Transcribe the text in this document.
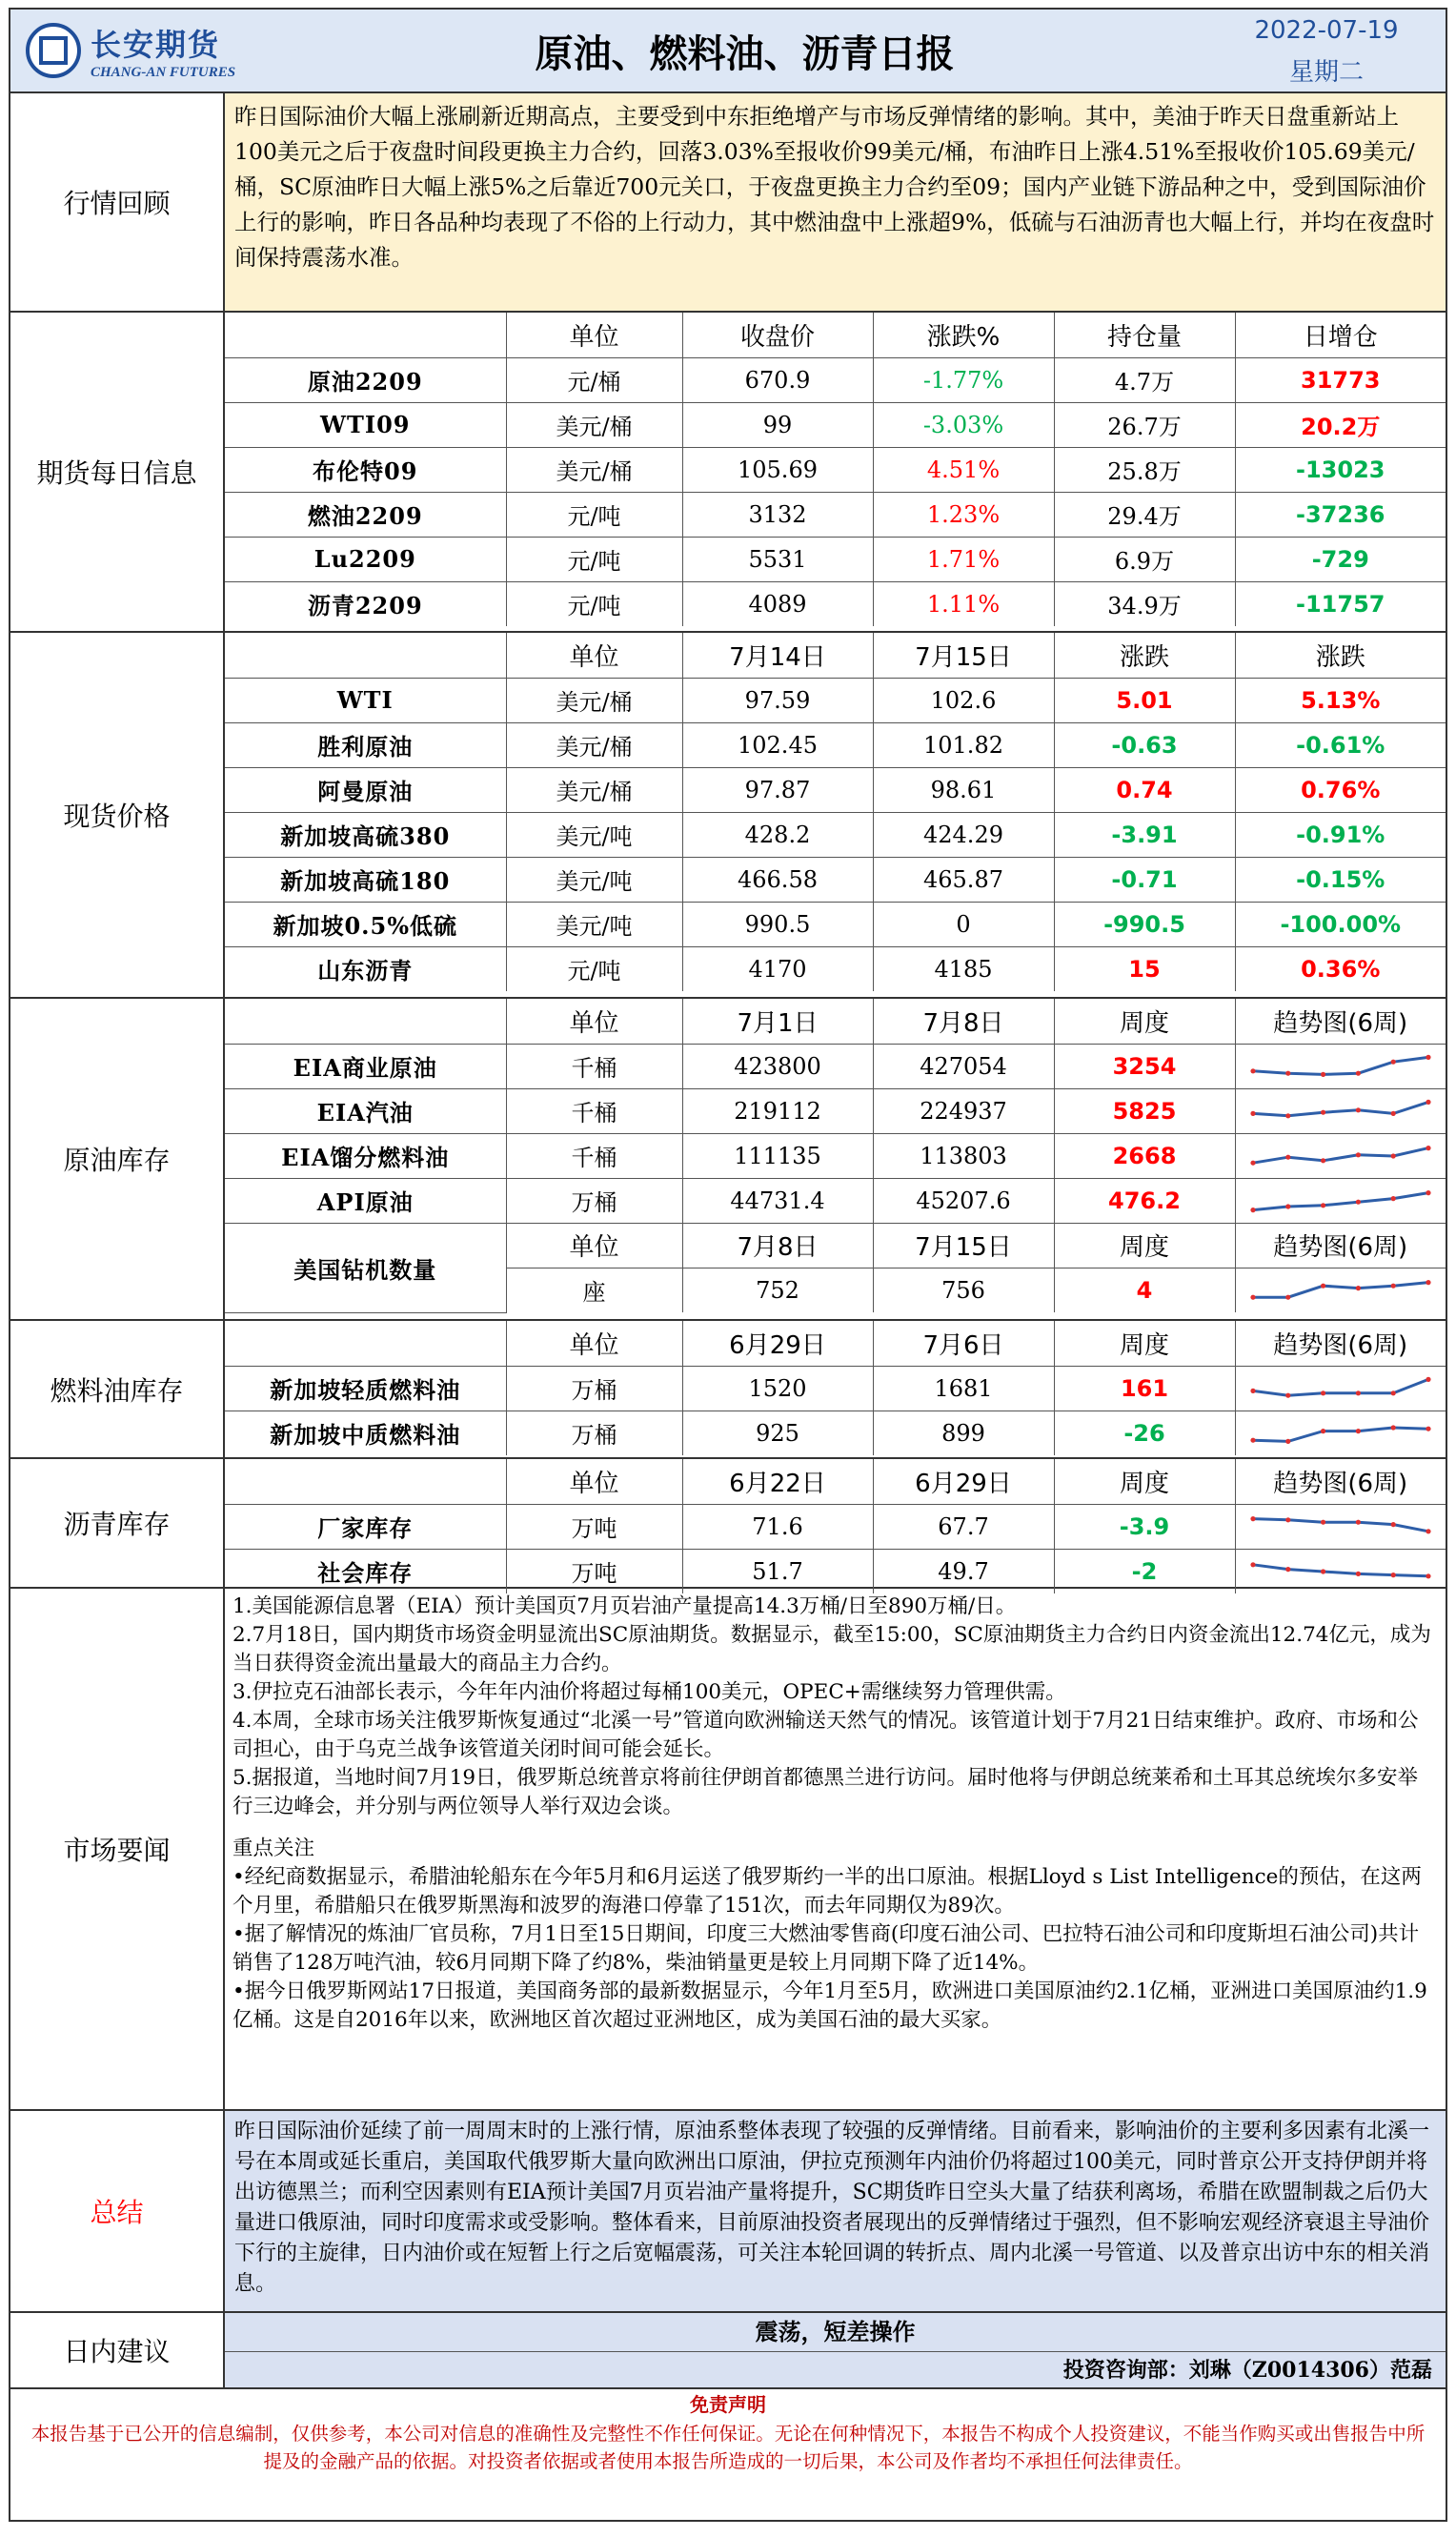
长安期货
CHANG-AN FUTURES	原油、燃料油、沥青日报
2022-07-19
星期二
行情回顾
昨日国际油价大幅上涨刷新近期高点，主要受到中东拒绝增产与市场反弹情绪的影响。其中，美油于昨天日盘重新站上100美元之后于夜盘时间段更换主力合约，回落3.03%至报收价99美元/桶，布油昨日上涨4.51%至报收价105.69美元/桶，SC原油昨日大幅上涨5%之后靠近700元关口，于夜盘更换主力合约至09；国内产业链下游品种之中，受到国际油价上行的影响，昨日各品种均表现了不俗的上行动力，其中燃油盘中上涨超9%，低硫与石油沥青也大幅上行，并均在夜盘时间保持震荡水准。
期货每日信息
	单位	收盘价	涨跌%	持仓量	日增仓
原油2209	元/桶	670.9	-1.77%	4.7万	31773
WTI09	美元/桶	99	-3.03%	26.7万	20.2万
布伦特09	美元/桶	105.69	4.51%	25.8万	-13023
燃油2209	元/吨	3132	1.23%	29.4万	-37236
Lu2209	元/吨	5531	1.71%	6.9万	-729
沥青2209	元/吨	4089	1.11%	34.9万	-11757
现货价格
	单位	7月14日	7月15日	涨跌	涨跌
WTI	美元/桶	97.59	102.6	5.01	5.13%
胜利原油	美元/桶	102.45	101.82	-0.63	-0.61%
阿曼原油	美元/桶	97.87	98.61	0.74	0.76%
新加坡高硫380	美元/吨	428.2	424.29	-3.91	-0.91%
新加坡高硫180	美元/吨	466.58	465.87	-0.71	-0.15%
新加坡0.5%低硫	美元/吨	990.5	0	-990.5	-100.00%
山东沥青	元/吨	4170	4185	15	0.36%
原油库存
	单位	7月1日	7月8日	周度	趋势图(6周)
EIA商业原油	千桶	423800	427054	3254	

EIA汽油	千桶	219112	224937	5825	

EIA馏分燃料油	千桶	111135	113803	2668	

API原油	万桶	44731.4	45207.6	476.2	

美国钻机数量	单位	7月8日	7月15日	周度	趋势图(6周)
	座	752	756	4	
燃料油库存
	单位	6月29日	7月6日	周度	趋势图(6周)
新加坡轻质燃料油	万桶	1520	1681	161	

新加坡中质燃料油	万桶	925	899	-26	
沥青库存
	单位	6月22日	6月29日	周度	趋势图(6周)
厂家库存	万吨	71.6	67.7	-3.9	

社会库存	万吨	51.7	49.7	-2	
市场要闻

1.美国能源信息署（EIA）预计美国页7月页岩油产量提高14.3万桶/日至890万桶/日。

2.7月18日，国内期货市场资金明显流出SC原油期货。数据显示，截至15:00，SC原油期货主力合约日内资金流出12.74亿元，成为当日获得资金流出量最大的商品主力合约。

3.伊拉克石油部长表示，今年年内油价将超过每桶100美元，OPEC+需继续努力管理供需。

4.本周，全球市场关注俄罗斯恢复通过“北溪一号”管道向欧洲输送天然气的情况。该管道计划于7月21日结束维护。政府、市场和公司担心，由于乌克兰战争该管道关闭时间可能会延长。

5.据报道，当地时间7月19日，俄罗斯总统普京将前往伊朗首都德黑兰进行访问。届时他将与伊朗总统莱希和土耳其总统埃尔多安举行三边峰会，并分别与两位领导人举行双边会谈。

重点关注

•经纪商数据显示，希腊油轮船东在今年5月和6月运送了俄罗斯约一半的出口原油。根据Lloyd s List Intelligence的预估，在这两个月里，希腊船只在俄罗斯黑海和波罗的海港口停靠了151次，而去年同期仅为89次。

•据了解情况的炼油厂官员称，7月1日至15日期间，印度三大燃油零售商(印度石油公司、巴拉特石油公司和印度斯坦石油公司)共计销售了128万吨汽油，较6月同期下降了约8%，柴油销量更是较上月同期下降了近14%。

•据今日俄罗斯网站17日报道，美国商务部的最新数据显示，今年1月至5月，欧洲进口美国原油约2.1亿桶，亚洲进口美国原油约1.9亿桶。这是自2016年以来，欧洲地区首次超过亚洲地区，成为美国石油的最大买家。

总结
昨日国际油价延续了前一周周末时的上涨行情，原油系整体表现了较强的反弹情绪。目前看来，影响油价的主要利多因素有北溪一号在本周或延长重启，美国取代俄罗斯大量向欧洲出口原油，伊拉克预测年内油价仍将超过100美元，同时普京公开支持伊朗并将出访德黑兰；而利空因素则有EIA预计美国7月页岩油产量将提升，SC期货昨日空头大量了结获利离场，希腊在欧盟制裁之后仍大量进口俄原油，同时印度需求或受影响。整体看来，目前原油投资者展现出的反弹情绪过于强烈，但不影响宏观经济衰退主导油价下行的主旋律，日内油价或在短暂上行之后宽幅震荡，可关注本轮回调的转折点、周内北溪一号管道、以及普京出访中东的相关消息。
日内建议
震荡，短差操作
投资咨询部：刘琳（Z0014306）范磊
免责声明
本报告基于已公开的信息编制，仅供参考，本公司对信息的准确性及完整性不作任何保证。无论在何种情况下，本报告不构成个人投资建议，不能当作购买或出售报告中所提及的金融产品的依据。对投资者依据或者使用本报告所造成的一切后果，本公司及作者均不承担任何法律责任。
